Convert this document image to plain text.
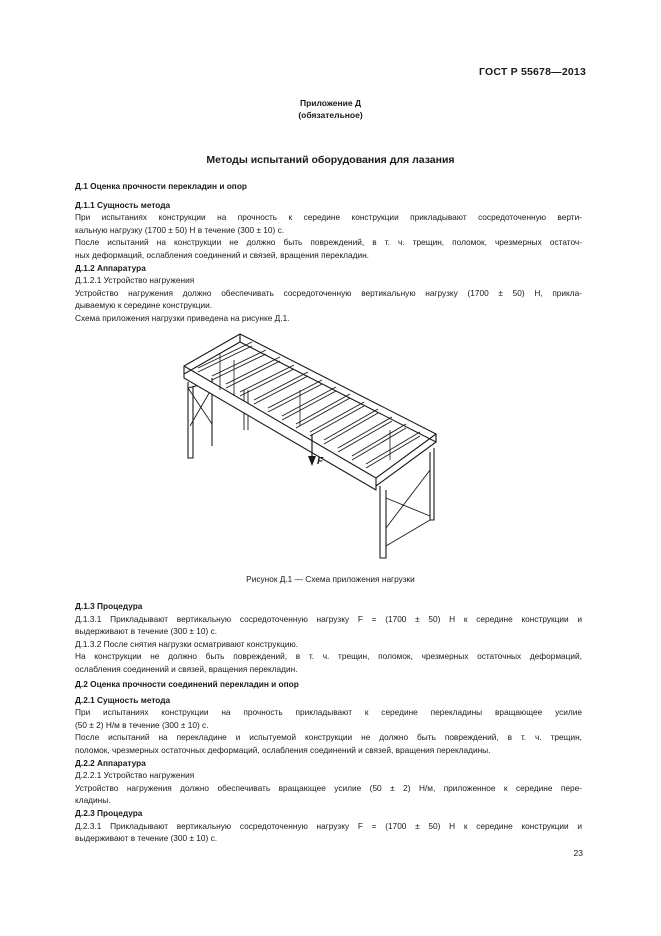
ГОСТ Р 55678—2013
Приложение Д
(обязательное)
Методы испытаний оборудования для лазания

Д.1 Оценка прочности перекладин и опор

Д.1.1 Сущность метода

При испытаниях конструкции на прочность к середине конструкции прикладывают сосредоточенную верти-

кальную нагрузку (1700 ± 50) Н в течение (300 ± 10) с.

После испытаний на конструкции не должно быть повреждений, в т. ч. трещин, поломок, чрезмерных остаточ-

ных деформаций, ослабления соединений и связей, вращения перекладин.

Д.1.2 Аппаратура

Д.1.2.1 Устройство нагружения

Устройство нагружения должно обеспечивать сосредоточенную вертикальную нагрузку (1700 ± 50) Н, прикла-

дываемую к середине конструкции.

Схема приложения нагрузки приведена на рисунке Д.1.

F
Рисунок Д.1 — Схема приложения нагрузки

Д.1.3 Процедура

Д.1.3.1 Прикладывают вертикальную сосредоточенную нагрузку F = (1700 ± 50) Н к середине конструкции и

выдерживают в течение (300 ± 10) с.

Д.1.3.2 После снятия нагрузки осматривают конструкцию.

На конструкции не должно быть повреждений, в т. ч. трещин, поломок, чрезмерных остаточных деформаций,

ослабления соединений и связей, вращения перекладин.

Д.2 Оценка прочности соединений перекладин и опор

Д.2.1 Сущность метода

При испытаниях конструкции на прочность прикладывают к середине перекладины вращающее усилие

(50 ± 2) Н/м в течение (300 ± 10) с.

После испытаний на перекладине и испытуемой конструкции не должно быть повреждений, в т. ч. трещин,

поломок, чрезмерных остаточных деформаций, ослабления соединений и связей, вращения перекладины.

Д.2.2 Аппаратура

Д.2.2.1 Устройство нагружения

Устройство нагружения должно обеспечивать вращающее усилие (50 ± 2) Н/м, приложенное к середине пере-

кладины.

Д.2.3 Процедура

Д.2.3.1 Прикладывают вертикальную сосредоточенную нагрузку F = (1700 ± 50) Н к середине конструкции и

выдерживают в течение (300 ± 10) с.

23
